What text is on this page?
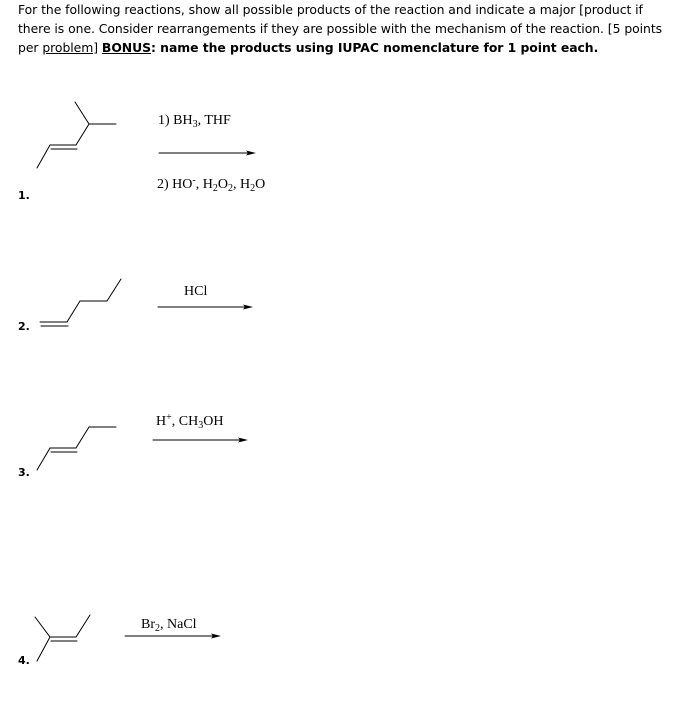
For the following reactions, show all possible products of the reaction and indicate a major [product if there is one. Consider rearrangements if they are possible with the mechanism of the reaction. [5 points per problem] BONUS: name the products using IUPAC nomenclature for 1 point each.
1.
2.
3.
4.
1) $BH_3$, THF
2) HO-, $H_2O_2$, $H_2O$
HCl
H+, $CH_3OH$
$Br_2$, NaCl
